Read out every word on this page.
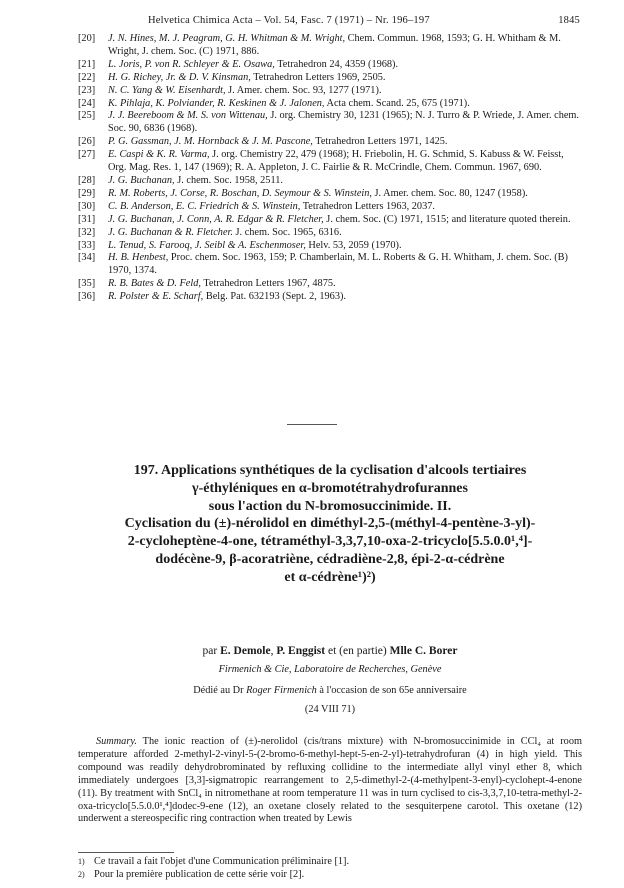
Helvetica Chimica Acta – Vol. 54, Fasc. 7 (1971) – Nr. 196–197	1845
[20] J. N. Hines, M. J. Peagram, G. H. Whitman & M. Wright, Chem. Commun. 1968, 1593; G. H. Whitham & M. Wright, J. chem. Soc. (C) 1971, 886.
[21] L. Joris, P. von R. Schleyer & E. Osawa, Tetrahedron 24, 4359 (1968).
[22] H. G. Richey, Jr. & D. V. Kinsman, Tetrahedron Letters 1969, 2505.
[23] N. C. Yang & W. Eisenhardt, J. Amer. chem. Soc. 93, 1277 (1971).
[24] K. Pihlaja, K. Polviander, R. Keskinen & J. Jalonen, Acta chem. Scand. 25, 675 (1971).
[25] J. J. Beereboom & M. S. von Wittenau, J. org. Chemistry 30, 1231 (1965); N. J. Turro & P. Wriede, J. Amer. chem. Soc. 90, 6836 (1968).
[26] P. G. Gassman, J. M. Hornback & J. M. Pascone, Tetrahedron Letters 1971, 1425.
[27] E. Caspi & K. R. Varma, J. org. Chemistry 22, 479 (1968); H. Friebolin, H. G. Schmid, S. Kabuss & W. Feisst, Org. Mag. Res. 1, 147 (1969); R. A. Appleton, J. C. Fairlie & R. McCrindle, Chem. Commun. 1967, 690.
[28] J. G. Buchanan, J. chem. Soc. 1958, 2511.
[29] R. M. Roberts, J. Corse, R. Boschan, D. Seymour & S. Winstein, J. Amer. chem. Soc. 80, 1247 (1958).
[30] C. B. Anderson, E. C. Friedrich & S. Winstein, Tetrahedron Letters 1963, 2037.
[31] J. G. Buchanan, J. Conn, A. R. Edgar & R. Fletcher, J. chem. Soc. (C) 1971, 1515; and literature quoted therein.
[32] J. G. Buchanan & R. Fletcher. J. chem. Soc. 1965, 6316.
[33] L. Tenud, S. Farooq, J. Seibl & A. Eschenmoser, Helv. 53, 2059 (1970).
[34] H. B. Henbest, Proc. chem. Soc. 1963, 159; P. Chamberlain, M. L. Roberts & G. H. Whitham, J. chem. Soc. (B) 1970, 1374.
[35] R. B. Bates & D. Feld, Tetrahedron Letters 1967, 4875.
[36] R. Polster & E. Scharf, Belg. Pat. 632193 (Sept. 2, 1963).
197. Applications synthétiques de la cyclisation d'alcools tertiaires
γ-éthyléniques en α-bromotétrahydrofurannes
sous l'action du N-bromosuccinimide. II.
Cyclisation du (±)-nérolidol en diméthyl-2,5-(méthyl-4-pentène-3-yl)-
2-cycloheptène-4-one, tétraméthyl-3,3,7,10-oxa-2-tricyclo[5.5.0.0¹,⁴]-
dodécène-9, β-acoratriène, cédradiène-2,8, épi-2-α-cédrène
et α-cédrène¹)²)
par E. Demole, P. Enggist et (en partie) Mlle C. Borer
Firmenich & Cie, Laboratoire de Recherches, Genève
Dédié au Dr Roger Firmenich à l'occasion de son 65e anniversaire
(24 VIII 71)
Summary. The ionic reaction of (±)-nerolidol (cis/trans mixture) with N-bromosuccinimide in CCl₄ at room temperature afforded 2-methyl-2-vinyl-5-(2-bromo-6-methyl-hept-5-en-2-yl)-tetrahydrofuran (4) in high yield. This compound was readily dehydrobrominated by refluxing collidine to the intermediate allyl vinyl ether 8, which immediately undergoes [3,3]-sigmatropic rearrangement to 2,5-dimethyl-2-(4-methylpent-3-enyl)-cyclohept-4-enone (11). By treatment with SnCl₄ in nitromethane at room temperature 11 was in turn cyclised to cis-3,3,7,10-tetra-methyl-2-oxa-tricyclo[5.5.0.0¹,⁴]dodec-9-ene (12), an oxetane closely related to the sesquiterpene carotol. This oxetane (12) underwent a stereospecific ring contraction when treated by Lewis
1) Ce travail a fait l'objet d'une Communication préliminaire [1].
2) Pour la première publication de cette série voir [2].
